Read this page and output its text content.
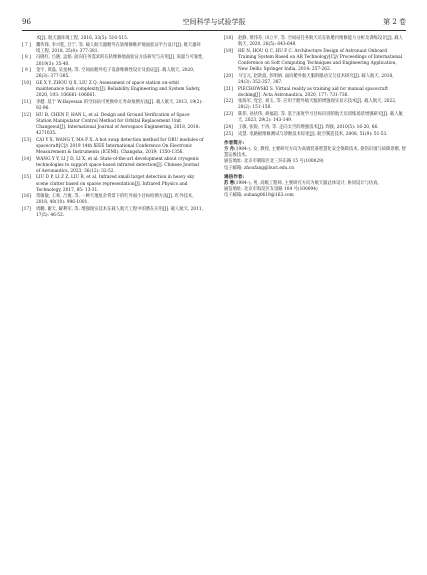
96	空间科学与试验学报	第 2 卷
术[J]. 航天器环境工程, 2016, 33(5): 510-515.
[ 7 ] 魏传锋, 李兴乾, 吕宁, 等. 载人航天器舱外在轨维修维护地面验证平台设计[J]. 航天器环境工程, 2018, 35(4): 377-381.
[ 8 ] 冯晓红, 吕晓, 孟娟. 面向任务需求的在轨维修地面验证方法研究与应用[J]. 质量与可靠性, 2019(3): 35-40.
[ 9 ] 金宇, 黄磊, 吴星林, 等. 空间站舱外电子设备维修性设计及验证[J]. 载人航天, 2020, 26(3): 377-385.
[10] GE X Y, ZHOU Q X, LIU Z Q. Assessment of space station on-orbit maintenance task complexity[J]. Reliability Engineering and System Safety, 2020, 193: 106661-106661.
[11] 李健. 基于 W-Bayesian 的空间站可更换单元寿命预测方法[J]. 载人航天, 2013, 19(2): 92-96.
[12] HU B, CHEN F, HAN L, et al. Design and Ground Verification of Space Station Manipulator Control Method for Orbital Replacement Unit Changeout[J]. International Journal of Aerospace Engineering, 2018, 2018: 4271035.
[13] CAI Y X, WANG T, MA P X. A hot swap detection method for ORU modules of spacecraft[C]// 2019 14th IEEE International Conference On Electronic Measurement & Instruments (ICEMI). Changsha, 2019: 1350-1356.
[14] WANG Y Y, LI J D, LI X, et al. State-of-the-art development about cryogenic technologies to support space-based infrared detection[J]. Chinese Journal of Aeronautics, 2023, 36(12): 32-52.
[15] LIU D P, LI Z Z, LIU B, et al. Infrared small target detection in heavy sky scene clutter based on sparse representation[J]. Infrared Physics and Technology, 2017, 85: 13-31.
[16] 常敏敏, 王爽, 吕俊, 等. 一种天地复杂背景下的红外弱小目标检测方法[J]. 红外技术, 2018, 40(10): 996-1001.
[17] 周鹏, 谢天, 解利军, 等. 增强现实技术在载人航天工程中的潜在应用[J]. 载人航天, 2011, 17(5): 46-52.
[18] 赵静, 黄伟芬, 田立平, 等. 空间站任务航天员在轨舱内维修能力分析及训练设计[J]. 载人航天, 2020, 26(5): 643-648.
[19] HE N, HOU Q C, HU F C. Architecture Design of Astronaut Onboard Training System Based on AR Technology[C]// Proceedings of International Conference on Soft Computing Techniques and Engineering Application, New Delhi: Springer India, 2014: 257-262.
[20] 马宝元, 赵歆波, 彭明炳. 面向舱外航天服的眼动交互技术研究[J]. 载人航天, 2018, 24(3): 352-357, 387.
[21] PIECHOWSKI S. Virtual reality as training aid for manual spacecraft docking[J]. Acta Astronautica, 2020, 177: 731-736.
[22] 张海军, 党宏, 刘玉, 等. 应用于舱外航天服的增强现实显示技术[J]. 载人航天, 2022, 28(2): 151-158.
[23] 陈伟, 孙伏伟, 胡福超, 等. 基于深度学习目标识别的航天员训练场景增强研究[J]. 载人航天, 2023, 29(2): 143-149.
[24] 王敏, 张锐, 于涛, 等. 走向太空的增强技术[J]. 焊接, 2010(5): 16-20, 66.
[25] 史慧. 电路板维修测试与诊断技术综述[J]. 航空制造技术, 2008, 51(9): 51-53.
作者简介:
方 舟(1984–), 女, 教授, 主要研究方向为高端装备智慧化安全保障技术, 损伤识别与故障诊断, 智慧运维技术。
通信地址: 北京市朝阳区北三环东路 15 号(100029)
电子邮箱: zhoufang@buct.edu.cn
通信作者:
苏 寒(1984–), 男, 高级工程师, 主要研究方向为航天器总体设计, 协同设计与仿真。
通信地址: 北京市海淀区友谊路 104 号(100094)
电子邮箱: suhang0618@163.com
